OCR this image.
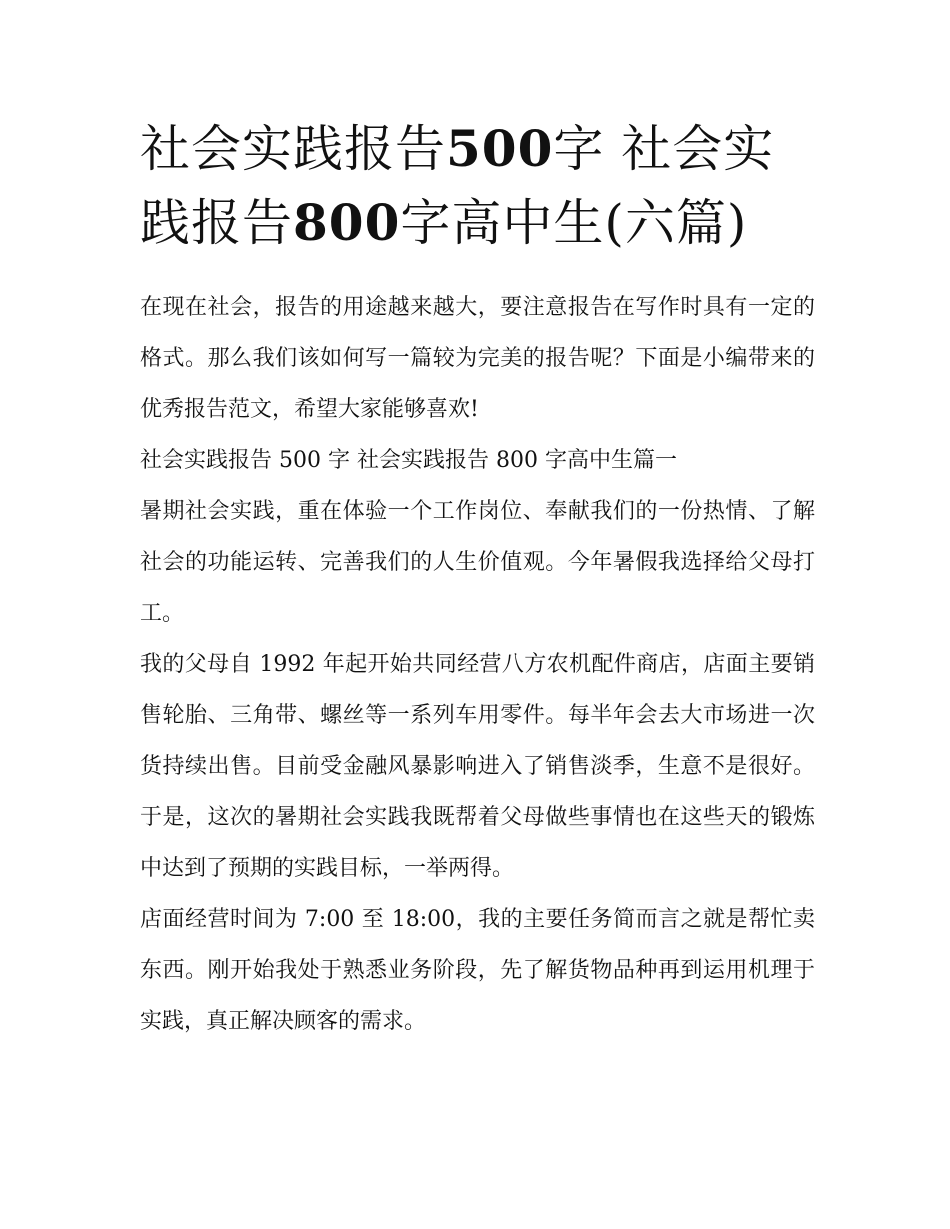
社会实践报告500字 社会实践报告800字高中生(六篇)

在现在社会，报告的用途越来越大，要注意报告在写作时具有一定的格式。那么我们该如何写一篇较为完美的报告呢？下面是小编带来的优秀报告范文，希望大家能够喜欢!

社会实践报告 500 字 社会实践报告 800 字高中生篇一

暑期社会实践，重在体验一个工作岗位、奉献我们的一份热情、了解社会的功能运转、完善我们的人生价值观。今年暑假我选择给父母打工。

我的父母自 1992 年起开始共同经营八方农机配件商店，店面主要销售轮胎、三角带、螺丝等一系列车用零件。每半年会去大市场进一次货持续出售。目前受金融风暴影响进入了销售淡季，生意不是很好。于是，这次的暑期社会实践我既帮着父母做些事情也在这些天的锻炼中达到了预期的实践目标，一举两得。

店面经营时间为 7:00 至 18:00，我的主要任务简而言之就是帮忙卖东西。刚开始我处于熟悉业务阶段，先了解货物品种再到运用机理于实践，真正解决顾客的需求。
